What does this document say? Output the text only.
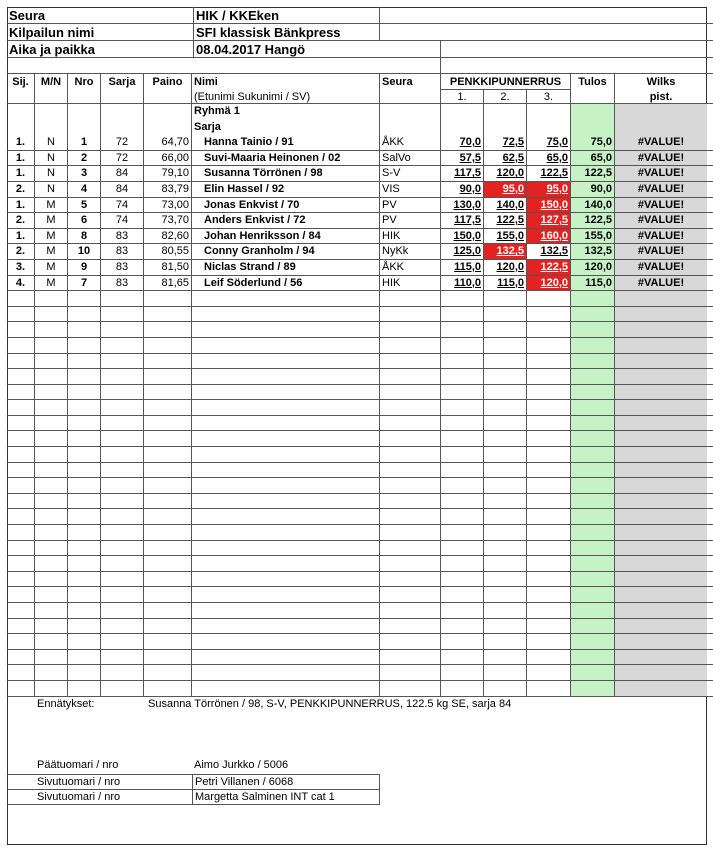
Seura	HIK / KKEken
Kilpailun nimi	SFI klassisk Bänkpress
Aika ja paikka	08.04.2017 Hangö
Sij.	M/N	Nro	Sarja	Paino	Nimi	Seura	PENKKIPUNNERRUS	Tulos	Wilks
(Etunimi Sukunimi / SV)	1.	2.	3.	pist.
Ryhmä 1
Sarja
1.	N	1	72	64,70	Hanna Tainio / 91	ÅKK	70,0	72,5	75,0	75,0	#VALUE!
1.	N	2	72	66,00	Suvi-Maaria Heinonen / 02	SalVo	57,5	62,5	65,0	65,0	#VALUE!
1.	N	3	84	79,10	Susanna Törrönen / 98	S-V	117,5	120,0	122,5	122,5	#VALUE!
2.	N	4	84	83,79	Elin Hassel / 92	VIS	90,0	95,0	95,0	90,0	#VALUE!
1.	M	5	74	73,00	Jonas Enkvist / 70	PV	130,0	140,0	150,0	140,0	#VALUE!
2.	M	6	74	73,70	Anders Enkvist / 72	PV	117,5	122,5	127,5	122,5	#VALUE!
1.	M	8	83	82,60	Johan Henriksson / 84	HIK	150,0	155,0	160,0	155,0	#VALUE!
2.	M	10	83	80,55	Conny Granholm / 94	NyKk	125,0	132,5	132,5	132,5	#VALUE!
3.	M	9	83	81,50	Niclas Strand / 89	ÅKK	115,0	120,0	122,5	120,0	#VALUE!
4.	M	7	83	81,65	Leif Söderlund / 56	HIK	110,0	115,0	120,0	115,0	#VALUE!
Ennätykset:	Susanna Törrönen / 98, S-V, PENKKIPUNNERRUS, 122.5 kg SE, sarja 84
Päätuomari / nro	Aimo Jurkko / 5006
Sivutuomari / nro	Petri Villanen / 6068
Sivutuomari / nro	Margetta Salminen INT cat 1
